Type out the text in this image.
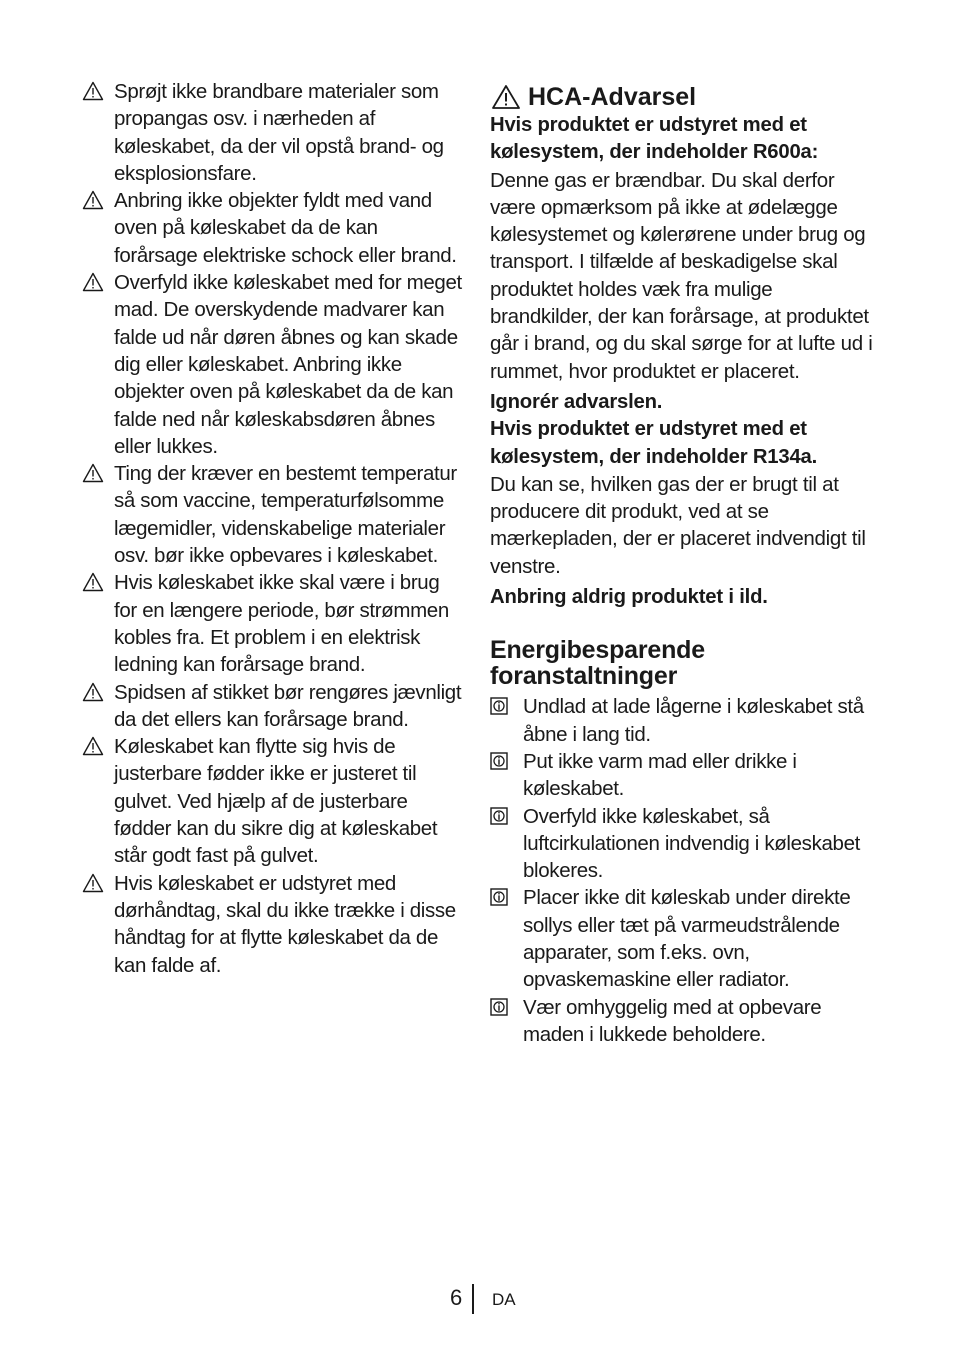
Sprøjt ikke brandbare materialer som propangas osv. i nærheden af køleskabet, da der vil opstå brand- og eksplosionsfare.
Anbring ikke objekter fyldt med vand oven på køleskabet da de kan forårsage elektriske schock eller brand.
Overfyld ikke køleskabet med for meget mad. De overskydende madvarer kan falde ud når døren åbnes og kan skade dig eller køleskabet. Anbring ikke objekter oven på køleskabet da de kan falde ned når køleskabsdøren åbnes eller lukkes.
Ting der kræver en bestemt temperatur så som vaccine, temperaturfølsomme lægemidler, videnskabelige materialer osv. bør ikke opbevares i køleskabet.
Hvis køleskabet ikke skal være i brug for en længere periode, bør strømmen kobles fra. Et problem i en elektrisk ledning kan forårsage brand.
Spidsen af stikket bør rengøres jævnligt da det ellers kan forårsage brand.
Køleskabet kan flytte sig hvis de justerbare fødder ikke er justeret til gulvet. Ved hjælp af de justerbare fødder kan du sikre dig at køleskabet står godt fast på gulvet.
Hvis køleskabet er udstyret med dørhåndtag, skal du ikke trække i disse håndtag for at flytte køleskabet da de kan falde af.
HCA-Advarsel
Hvis produktet er udstyret med et kølesystem, der indeholder R600a:
Denne gas er brændbar. Du skal derfor være opmærksom på ikke at ødelægge kølesystemet og kølerørene under brug og transport. I tilfælde af beskadigelse skal produktet holdes væk fra mulige brandkilder, der kan forårsage, at produktet går i brand, og du skal sørge for at lufte ud i rummet, hvor produktet er placeret.
Ignorér advarslen.
Hvis produktet er udstyret med et kølesystem, der indeholder R134a.
Du kan se, hvilken gas der er brugt til at producere dit produkt, ved at se mærkepladen, der er placeret indvendigt til venstre.
Anbring aldrig produktet i ild.
Energibesparende foranstaltninger
Undlad at lade lågerne i køleskabet stå åbne i lang tid.
Put ikke varm mad eller drikke i køleskabet.
Overfyld ikke køleskabet, så luftcirkulationen indvendig i køleskabet blokeres.
Placer ikke dit køleskab under direkte sollys eller tæt på varmeudstrålende apparater, som f.eks. ovn, opvaskemaskine eller radiator.
Vær omhyggelig med at opbevare maden i lukkede beholdere.
6 DA
